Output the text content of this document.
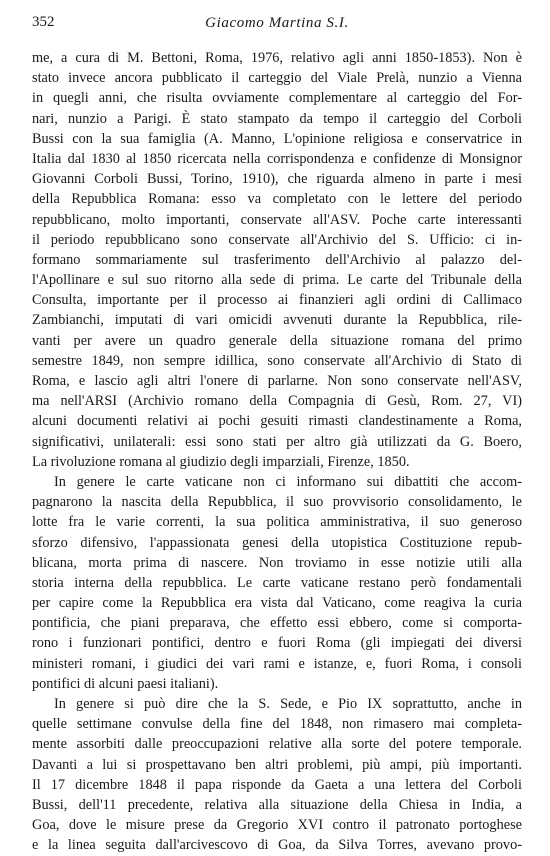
352	Giacomo Martina S.I.
me, a cura di M. Bettoni, Roma, 1976, relativo agli anni 1850-1853). Non è
stato invece ancora pubblicato il carteggio del Viale Prelà, nunzio a Vienna
in quegli anni, che risulta ovviamente complementare al carteggio del For-
nari, nunzio a Parigi. È stato stampato da tempo il carteggio del Corboli
Bussi con la sua famiglia (A. Manno, L'opinione religiosa e conservatrice in
Italia dal 1830 al 1850 ricercata nella corrispondenza e confidenze di Monsignor
Giovanni Corboli Bussi, Torino, 1910), che riguarda almeno in parte i mesi
della Repubblica Romana: esso va completato con le lettere del periodo
repubblicano, molto importanti, conservate all'ASV. Poche carte interessanti
il periodo repubblicano sono conservate all'Archivio del S. Ufficio: ci in-
formano sommariamente sul trasferimento dell'Archivio al palazzo del-
l'Apollinare e sul suo ritorno alla sede di prima. Le carte del Tribunale della
Consulta, importante per il processo ai finanzieri agli ordini di Callimaco
Zambianchi, imputati di vari omicidi avvenuti durante la Repubblica, rile-
vanti per avere un quadro generale della situazione romana del primo
semestre 1849, non sempre idillica, sono conservate all'Archivio di Stato di
Roma, e lascio agli altri l'onere di parlarne. Non sono conservate nell'ASV,
ma nell'ARSI (Archivio romano della Compagnia di Gesù, Rom. 27, VI)
alcuni documenti relativi ai pochi gesuiti rimasti clandestinamente a Roma,
significativi, unilaterali: essi sono stati per altro già utilizzati da G. Boero,
La rivoluzione romana al giudizio degli imparziali, Firenze, 1850.
In genere le carte vaticane non ci informano sui dibattiti che accom-
pagnarono la nascita della Repubblica, il suo provvisorio consolidamento, le
lotte fra le varie correnti, la sua politica amministrativa, il suo generoso
sforzo difensivo, l'appassionata genesi della utopistica Costituzione repub-
blicana, morta prima di nascere. Non troviamo in esse notizie utili alla
storia interna della repubblica. Le carte vaticane restano però fondamentali
per capire come la Repubblica era vista dal Vaticano, come reagiva la curia
pontificia, che piani preparava, che effetto essi ebbero, come si comporta-
rono i funzionari pontifici, dentro e fuori Roma (gli impiegati dei diversi
ministeri romani, i giudici dei vari rami e istanze, e, fuori Roma, i consoli
pontifici di alcuni paesi italiani).
In genere si può dire che la S. Sede, e Pio IX soprattutto, anche in
quelle settimane convulse della fine del 1848, non rimasero mai completa-
mente assorbiti dalle preoccupazioni relative alla sorte del potere temporale.
Davanti a lui si prospettavano ben altri problemi, più ampi, più importanti.
Il 17 dicembre 1848 il papa risponde da Gaeta a una lettera del Corboli
Bussi, dell'11 precedente, relativa alla situazione della Chiesa in India, a
Goa, dove le misure prese da Gregorio XVI contro il patronato portoghese
e la linea seguita dall'arcivescovo di Goa, da Silva Torres, avevano provo-
